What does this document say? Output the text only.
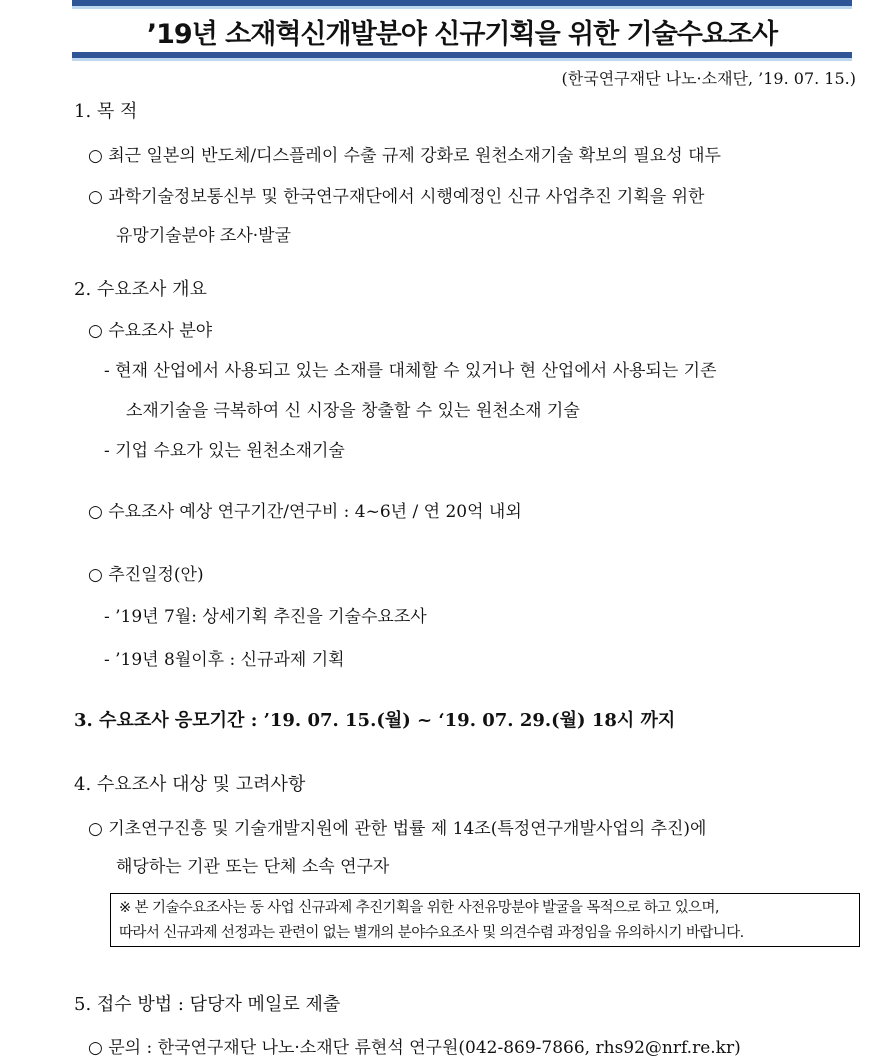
’19년 소재혁신개발분야 신규기획을 위한 기술수요조사
(한국연구재단 나노·소재단, ’19. 07. 15.)
1. 목 적
○ 최근 일본의 반도체/디스플레이 수출 규제 강화로 원천소재기술 확보의 필요성 대두
○ 과학기술정보통신부 및 한국연구재단에서 시행예정인 신규 사업추진 기획을 위한
유망기술분야 조사·발굴
2. 수요조사 개요
○ 수요조사 분야
- 현재 산업에서 사용되고 있는 소재를 대체할 수 있거나 현 산업에서 사용되는 기존
소재기술을 극복하여 신 시장을 창출할 수 있는 원천소재 기술
- 기업 수요가 있는 원천소재기술
○ 수요조사 예상 연구기간/연구비 : 4~6년 / 연 20억 내외
○ 추진일정(안)
- ’19년 7월: 상세기획 추진을 기술수요조사
- ’19년 8월이후 : 신규과제 기획
3. 수요조사 응모기간 : ’19. 07. 15.(월) ~ ‘19. 07. 29.(월) 18시 까지
4. 수요조사 대상 및 고려사항
○ 기초연구진흥 및 기술개발지원에 관한 법률 제 14조(특정연구개발사업의 추진)에
해당하는 기관 또는 단체 소속 연구자
※ 본 기술수요조사는 동 사업 신규과제 추진기획을 위한 사전유망분야 발굴을 목적으로 하고 있으며,
따라서 신규과제 선정과는 관련이 없는 별개의 분야수요조사 및 의견수렴 과정임을 유의하시기 바랍니다.
5. 접수 방법 : 담당자 메일로 제출
○ 문의 : 한국연구재단 나노·소재단 류현석 연구원(042-869-7866, rhs92@nrf.re.kr)
